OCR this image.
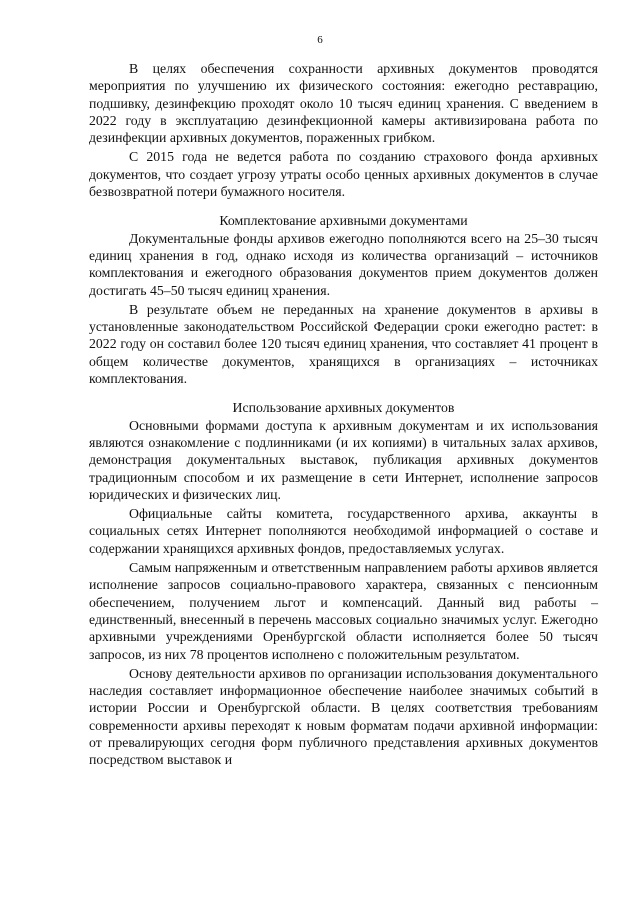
6

В целях обеспечения сохранности архивных документов проводятся мероприятия по улучшению их физического состояния: ежегодно реставрацию, подшивку, дезинфекцию проходят около 10 тысяч единиц хранения. С введением в 2022 году в эксплуатацию дезинфекционной камеры активизирована работа по дезинфекции архивных документов, пораженных грибком.

С 2015 года не ведется работа по созданию страхового фонда архивных документов, что создает угрозу утраты особо ценных архивных документов в случае безвозвратной потери бумажного носителя.

Комплектование архивными документами

Документальные фонды архивов ежегодно пополняются всего на 25–30 тысяч единиц хранения в год, однако исходя из количества организаций – источников комплектования и ежегодного образования документов прием документов должен достигать 45–50 тысяч единиц хранения.

В результате объем не переданных на хранение документов в архивы в установленные законодательством Российской Федерации сроки ежегодно растет: в 2022 году он составил более 120 тысяч единиц хранения, что составляет 41 процент в общем количестве документов, хранящихся в организациях – источниках комплектования.

Использование архивных документов

Основными формами доступа к архивным документам и их использования являются ознакомление с подлинниками (и их копиями) в читальных залах архивов, демонстрация документальных выставок, публикация архивных документов традиционным способом и их размещение в сети Интернет, исполнение запросов юридических и физических лиц.

Официальные сайты комитета, государственного архива, аккаунты в социальных сетях Интернет пополняются необходимой информацией о составе и содержании хранящихся архивных фондов, предоставляемых услугах.

Самым напряженным и ответственным направлением работы архивов является исполнение запросов социально-правового характера, связанных с пенсионным обеспечением, получением льгот и компенсаций. Данный вид работы – единственный, внесенный в перечень массовых социально значимых услуг. Ежегодно архивными учреждениями Оренбургской области исполняется более 50 тысяч запросов, из них 78 процентов исполнено с положительным результатом.

Основу деятельности архивов по организации использования документального наследия составляет информационное обеспечение наиболее значимых событий в истории России и Оренбургской области. В целях соответствия требованиям современности архивы переходят к новым форматам подачи архивной информации: от превалирующих сегодня форм публичного представления архивных документов посредством выставок и
